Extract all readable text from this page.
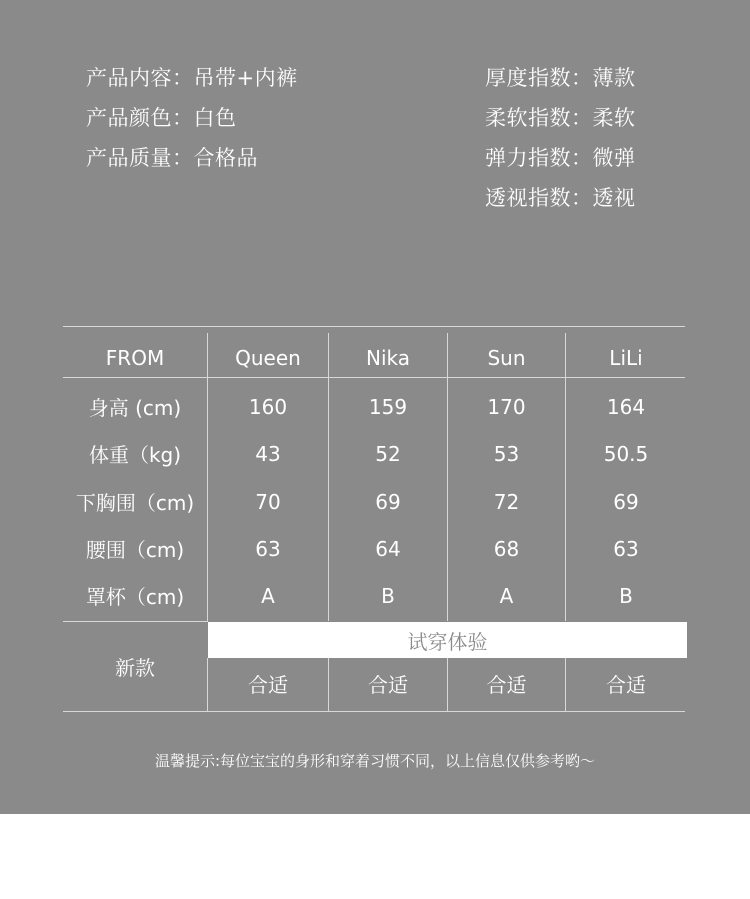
产品内容：吊带+内裤
产品颜色：白色
产品质量：合格品
厚度指数：薄款
柔软指数：柔软
弹力指数：微弹
透视指数：透视
FROM	Queen	Nika	Sun	LiLi
身高 (cm)	160	159	170	164
体重（kg)	43	52	53	50.5
下胸围（cm)	70	69	72	69
腰围（cm)	63	64	68	63
罩杯（cm)	A	B	A	B
试穿体验
新款
合适	合适	合适	合适
温馨提示:每位宝宝的身形和穿着习惯不同，以上信息仅供参考哟～
